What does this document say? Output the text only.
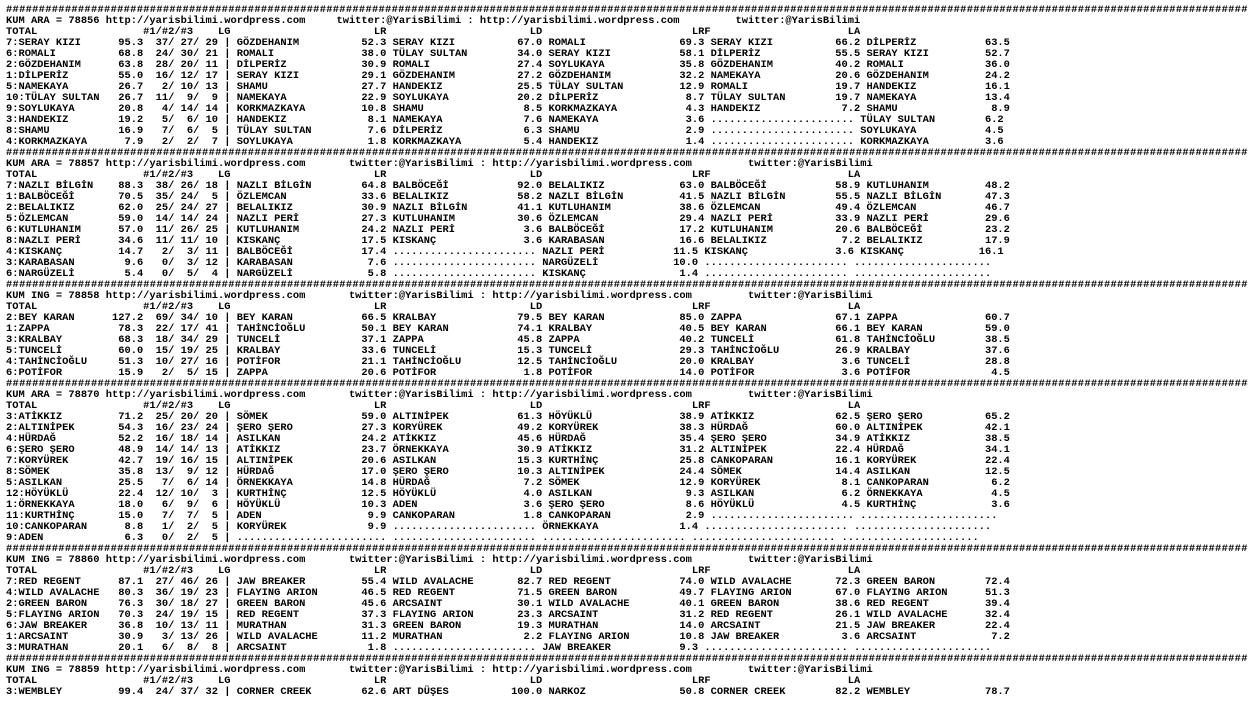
##############################################################################################################################################################################################
KUM ARA = 78856 http://yarisbilimi.wordpress.com     twitter:@YarisBilimi : http://yarisbilimi.wordpress.com         twitter:@YarisBilimi
TOTAL                 #1/#2/#3    LG                       LR                       LD                        LRF                      LA
7:SERAY KIZI      95.3  37/ 27/ 29 | GÖZDEHANIM          52.3 SERAY KIZI          67.0 ROMALI               69.3 SERAY KIZI          66.2 DİLPERİZ           63.5
6:ROMALI          68.8  24/ 30/ 21 | ROMALI              38.0 TÜLAY SULTAN        34.0 SERAY KIZI           58.1 DİLPERİZ            55.5 SERAY KIZI         52.7
2:GÖZDEHANIM      63.8  28/ 20/ 11 | DİLPERİZ            30.9 ROMALI              27.4 SOYLUKAYA            35.8 GÖZDEHANIM          40.2 ROMALI             36.0
1:DİLPERİZ        55.0  16/ 12/ 17 | SERAY KIZI          29.1 GÖZDEHANIM          27.2 GÖZDEHANIM           32.2 NAMEKAYA            20.6 GÖZDEHANIM         24.2
5:NAMEKAYA        26.7   2/ 10/ 13 | SHAMU               27.7 HANDEKIZ            25.5 TÜLAY SULTAN         12.9 ROMALI              19.7 HANDEKIZ           16.1
10:TÜLAY SULTAN   26.7  11/  9/  9 | NAMEKAYA            22.9 SOYLUKAYA           20.2 DİLPERİZ              8.7 TÜLAY SULTAN        19.7 NAMEKAYA           13.4
9:SOYLUKAYA       20.8   4/ 14/ 14 | KORKMAZKAYA         10.8 SHAMU                8.5 KORKMAZKAYA           4.3 HANDEKIZ             7.2 SHAMU               8.9
3:HANDEKIZ        19.2   5/  6/ 10 | HANDEKIZ             8.1 NAMEKAYA             7.6 NAMEKAYA              3.6 ....................... TÜLAY SULTAN        6.2
8:SHAMU           16.9   7/  6/  5 | TÜLAY SULTAN         7.6 DİLPERİZ             6.3 SHAMU                 2.9 ....................... SOYLUKAYA           4.5
4:KORKMAZKAYA      7.9   2/  2/  7 | SOYLUKAYA            1.8 KORKMAZKAYA          5.4 HANDEKIZ              1.4 ....................... KORKMAZKAYA         3.6
##############################################################################################################################################################################################
KUM ARA = 78857 http://yarisbilimi.wordpress.com       twitter:@YarisBilimi : http://yarisbilimi.wordpress.com         twitter:@YarisBilimi
TOTAL                 #1/#2/#3    LG                       LR                       LD                        LRF                      LA
7:NAZLI BİLGİN    88.3  38/ 26/ 18 | NAZLI BİLGİN        64.8 BALBÖCEĞİ           92.0 BELALIKIZ            63.0 BALBÖCEĞİ           58.9 KUTLUHANIM         48.2
1:BALBÖCEĞİ       70.5  35/ 24/  5 | ÖZLEMCAN            33.6 BELALIKIZ           58.2 NAZLI BİLGİN         41.5 NAZLI BİLGİN        55.5 NAZLI BİLGİN       47.3
2:BELALIKIZ       62.0  25/ 24/ 27 | BELALIKIZ           30.9 NAZLI BİLGİN        41.1 KUTLUHANIM           38.6 ÖZLEMCAN            49.4 ÖZLEMCAN           46.7
5:ÖZLEMCAN        59.0  14/ 14/ 24 | NAZLI PERİ          27.3 KUTLUHANIM          30.6 ÖZLEMCAN             29.4 NAZLI PERİ          33.9 NAZLI PERİ         29.6
6:KUTLUHANIM      57.0  11/ 26/ 25 | KUTLUHANIM          24.2 NAZLI PERİ           3.6 BALBÖCEĞİ            17.2 KUTLUHANIM          20.6 BALBÖCEĞİ          23.2
8:NAZLI PERİ      34.6  11/ 11/ 10 | KISKANÇ             17.5 KISKANÇ              3.6 KARABASAN            16.6 BELALIKIZ            7.2 BELALIKIZ          17.9
4:KISKANÇ         14.7   2/  3/ 11 | BALBÖCEĞİ           17.4 ....................... NAZLI PERİ           11.5 KISKANÇ              3.6 KISKANÇ            16.1
3:KARABASAN        9.6   0/  3/ 12 | KARABASAN            7.6 ....................... NARGÜZELİ            10.0 ....................... ......................
6:NARGÜZELİ        5.4   0/  5/  4 | NARGÜZELİ            5.8 ....................... KISKANÇ               1.4 ....................... ......................
##############################################################################################################################################################################################
KUM ING = 78858 http://yarisbilimi.wordpress.com       twitter:@YarisBilimi : http://yarisbilimi.wordpress.com         twitter:@YarisBilimi
TOTAL                 #1/#2/#3    LG                       LR                       LD                        LRF                      LA
2:BEY KARAN      127.2  69/ 34/ 10 | BEY KARAN           66.5 KRALBAY             79.5 BEY KARAN            85.0 ZAPPA               67.1 ZAPPA              60.7
1:ZAPPA           78.3  22/ 17/ 41 | TAHİNCİOĞLU         50.1 BEY KARAN           74.1 KRALBAY              40.5 BEY KARAN           66.1 BEY KARAN          59.0
3:KRALBAY         68.3  18/ 34/ 29 | TUNCELİ             37.1 ZAPPA               45.8 ZAPPA                40.2 TUNCELİ             61.8 TAHİNCİOĞLU        38.5
5:TUNCELİ         60.0  15/ 19/ 25 | KRALBAY             33.6 TUNCELİ             15.3 TUNCELİ              29.3 TAHİNCİOĞLU         26.9 KRALBAY            37.6
4:TAHİNCİOĞLU     51.3  10/ 27/ 16 | POTİFOR             21.1 TAHİNCİOĞLU         12.5 TAHİNCİOĞLU          20.0 KRALBAY              3.6 TUNCELİ            28.8
6:POTİFOR         15.9   2/  5/ 15 | ZAPPA               20.6 POTİFOR              1.8 POTİFOR              14.0 POTİFOR              3.6 POTİFOR             4.5
##############################################################################################################################################################################################
KUM ARA = 78870 http://yarisbilimi.wordpress.com       twitter:@YarisBilimi : http://yarisbilimi.wordpress.com         twitter:@YarisBilimi
TOTAL                 #1/#2/#3    LG                       LR                       LD                        LRF                      LA
3:ATİKKIZ         71.2  25/ 20/ 20 | SÖMEK               59.0 ALTINİPEK           61.3 HÖYÜKLÜ              38.9 ATİKKIZ             62.5 ŞERO ŞERO          65.2
2:ALTINİPEK       54.3  16/ 23/ 24 | ŞERO ŞERO           27.3 KORYÜREK            49.2 KORYÜREK             38.3 HÜRDAĞ              60.0 ALTINİPEK          42.1
4:HÜRDAĞ          52.2  16/ 18/ 14 | ASILKAN             24.2 ATİKKIZ             45.6 HÜRDAĞ               35.4 ŞERO ŞERO           34.9 ATİKKIZ            38.5
6:ŞERO ŞERO       48.9  14/ 14/ 13 | ATİKKIZ             23.7 ÖRNEKKAYA           30.9 ATİKKIZ              31.2 ALTINİPEK           22.4 HÜRDAĞ             34.1
7:KORYÜREK        42.7  19/ 16/ 15 | ALTINİPEK           20.6 ASILKAN             15.3 KURTHİNÇ             25.8 CANKOPARAN          16.1 KORYÜREK           22.4
8:SÖMEK           35.8  13/  9/ 12 | HÜRDAĞ              17.0 ŞERO ŞERO           10.3 ALTINİPEK            24.4 SÖMEK               14.4 ASILKAN            12.5
5:ASILKAN         25.5   7/  6/ 14 | ÖRNEKKAYA           14.8 HÜRDAĞ               7.2 SÖMEK                12.9 KORYÜREK             8.1 CANKOPARAN          6.2
12:HÖYÜKLÜ        22.4  12/ 10/  3 | KURTHİNÇ            12.5 HÖYÜKLÜ              4.0 ASILKAN               9.3 ASILKAN              6.2 ÖRNEKKAYA           4.5
1:ÖRNEKKAYA       18.0   6/  9/  6 | HÖYÜKLÜ             10.3 ADEN                 3.6 ŞERO ŞERO             8.6 HÖYÜKLÜ              4.5 KURTHİNÇ            3.6
11:KURTHİNÇ       15.0   7/  7/  5 | ADEN                 9.9 CANKOPARAN           1.8 CANKOPARAN            2.9 ....................... ......................
10:CANKOPARAN      8.8   1/  2/  5 | KORYÜREK             9.9 ....................... ÖRNEKKAYA             1.4 ....................... ......................
9:ADEN             6.3   0/  2/  5 | ........................ ....................... ....................... ....................... ......................
##############################################################################################################################################################################################
KUM ING = 78860 http://yarisbilimi.wordpress.com       twitter:@YarisBilimi : http://yarisbilimi.wordpress.com         twitter:@YarisBilimi
TOTAL                 #1/#2/#3    LG                       LR                       LD                        LRF                      LA
7:RED REGENT      87.1  27/ 46/ 26 | JAW BREAKER         55.4 WILD AVALACHE       82.7 RED REGENT           74.0 WILD AVALACHE       72.3 GREEN BARON        72.4
4:WILD AVALACHE   80.3  36/ 19/ 23 | FLAYING ARION       46.5 RED REGENT          71.5 GREEN BARON          49.7 FLAYING ARION       67.0 FLAYING ARION      51.3
2:GREEN BARON     76.3  30/ 18/ 27 | GREEN BARON         45.6 ARCSAINT            30.1 WILD AVALACHE        40.1 GREEN BARON         38.6 RED REGENT         39.4
5:FLAYING ARION   70.3  24/ 19/ 15 | RED REGENT          37.3 FLAYING ARION       23.3 ARCSAINT             31.2 RED REGENT          26.1 WILD AVALACHE      32.4
6:JAW BREAKER     36.8  10/ 13/ 11 | MURATHAN            31.3 GREEN BARON         19.3 MURATHAN             14.0 ARCSAINT            21.5 JAW BREAKER        22.4
1:ARCSAINT        30.9   3/ 13/ 26 | WILD AVALACHE       11.2 MURATHAN             2.2 FLAYING ARION        10.8 JAW BREAKER          3.6 ARCSAINT            7.2
3:MURATHAN        20.1   6/  8/  8 | ARCSAINT             1.8 ....................... JAW BREAKER           9.3 ....................... ......................
##############################################################################################################################################################################################
KUM ING = 78859 http://yarisbilimi.wordpress.com       twitter:@YarisBilimi : http://yarisbilimi.wordpress.com         twitter:@YarisBilimi
TOTAL                 #1/#2/#3    LG                       LR                       LD                        LRF                      LA
3:WEMBLEY         99.4  24/ 37/ 32 | CORNER CREEK        62.6 ART DÜŞES          100.0 NARKOZ               50.8 CORNER CREEK        82.2 WEMBLEY            78.7
